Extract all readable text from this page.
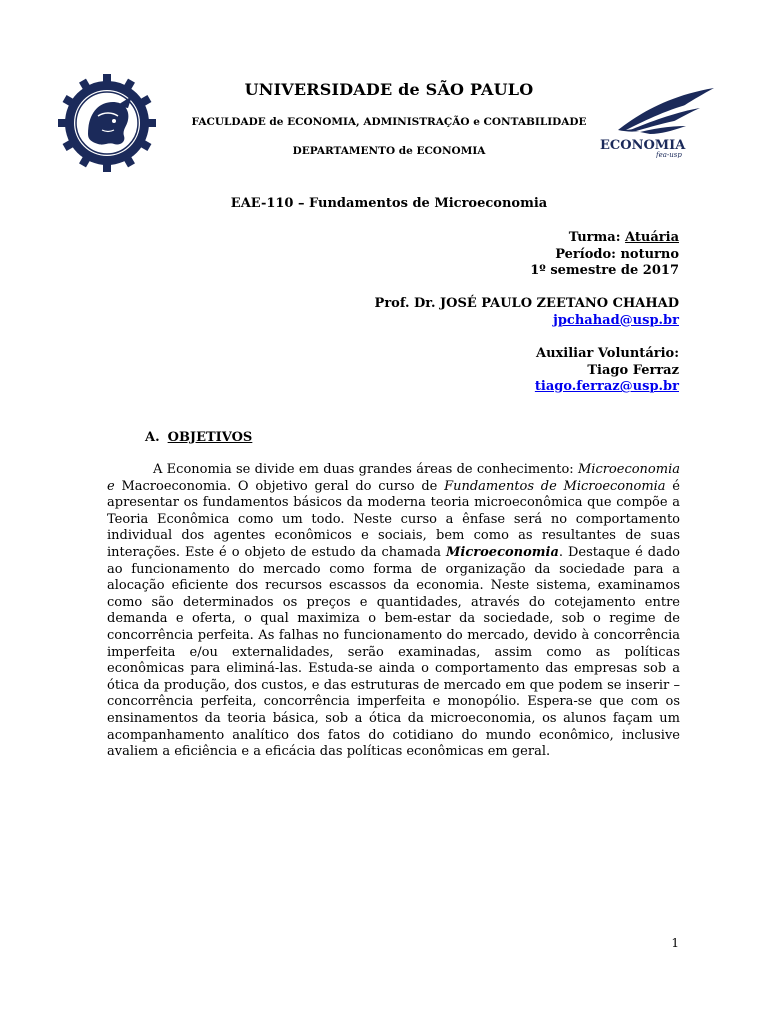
ECONOMIA
fea-usp
UNIVERSIDADE de SÃO PAULO
FACULDADE de ECONOMIA, ADMINISTRAÇÃO e CONTABILIDADE
DEPARTAMENTO de ECONOMIA
EAE-110 – Fundamentos de Microeconomia
Turma: Atuária
Período: noturno
1º semestre de 2017
Prof. Dr. JOSÉ PAULO ZEETANO CHAHAD
jpchahad@usp.br
Auxiliar Voluntário:
Tiago Ferraz
tiago.ferraz@usp.br
A. OBJETIVOS
A Economia se divide em duas grandes áreas de conhecimento: Microeconomia e Macroeconomia. O objetivo geral do curso de Fundamentos de Microeconomia é apresentar os fundamentos básicos da moderna teoria microeconômica que compõe a Teoria Econômica como um todo. Neste curso a ênfase será no comportamento individual dos agentes econômicos e sociais, bem como as resultantes de suas interações. Este é o objeto de estudo da chamada Microeconomia. Destaque é dado ao funcionamento do mercado como forma de organização da sociedade para a alocação eficiente dos recursos escassos da economia. Neste sistema, examinamos como são determinados os preços e quantidades, através do cotejamento entre demanda e oferta, o qual maximiza o bem-estar da sociedade, sob o regime de concorrência perfeita. As falhas no funcionamento do mercado, devido à concorrência imperfeita e/ou externalidades, serão examinadas, assim como as políticas econômicas para eliminá-las. Estuda-se ainda o comportamento das empresas sob a ótica da produção, dos custos, e das estruturas de mercado em que podem se inserir – concorrência perfeita, concorrência imperfeita e monopólio. Espera-se que com os ensinamentos da teoria básica, sob a ótica da microeconomia, os alunos façam um acompanhamento analítico dos fatos do cotidiano do mundo econômico, inclusive avaliem a eficiência e a eficácia das políticas econômicas em geral.
1
